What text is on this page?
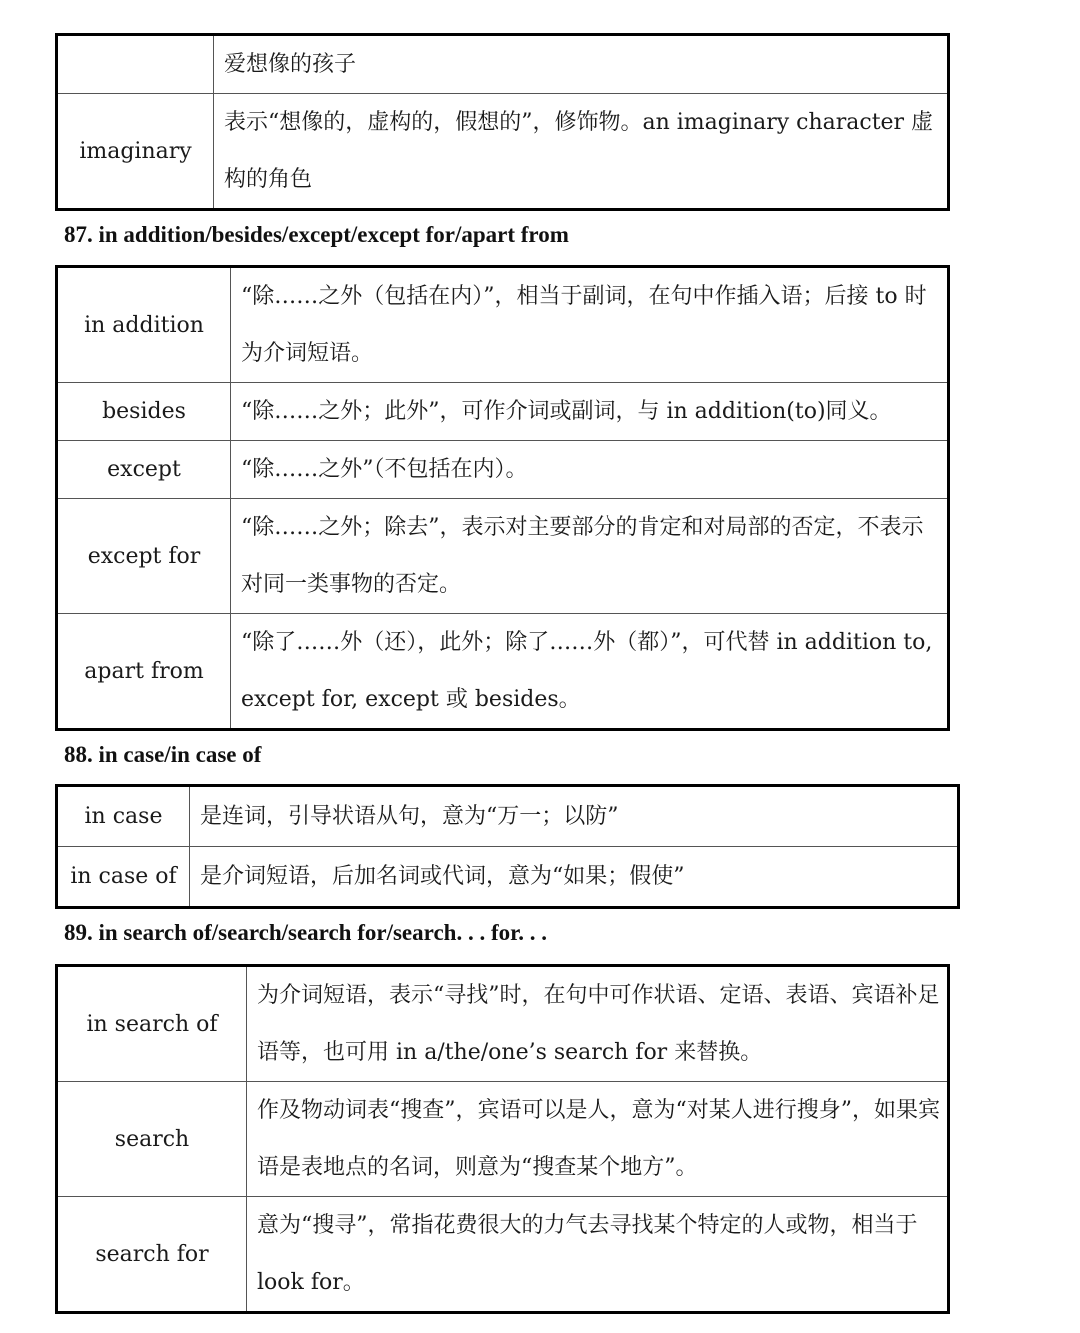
	爱想像的孩子
imaginary	表示“想像的，虚构的，假想的”，修饰物。an imaginary character 虚构的角色
87. in addition/besides/except/except for/apart from
in addition	“除……之外（包括在内）”，相当于副词，在句中作插入语；后接 to 时为介词短语。
besides	“除……之外；此外”，可作介词或副词，与 in addition(to)同义。
except	“除……之外”（不包括在内）。
except for	“除……之外；除去”，表示对主要部分的肯定和对局部的否定，不表示对同一类事物的否定。
apart from	“除了……外（还），此外；除了……外（都）”，可代替 in addition to, except for, except 或 besides。
88. in case/in case of
in case	是连词，引导状语从句，意为“万一；以防”
in case of	是介词短语，后加名词或代词，意为“如果；假使”
89. in search of/search/search for/search. . . for. . .
in search of	为介词短语，表示“寻找”时，在句中可作状语、定语、表语、宾语补足语等，也可用 in a/the/one’s search for 来替换。
search	作及物动词表“搜查”，宾语可以是人，意为“对某人进行搜身”，如果宾语是表地点的名词，则意为“搜查某个地方”。
search for	意为“搜寻”，常指花费很大的力气去寻找某个特定的人或物，相当于 look for。
